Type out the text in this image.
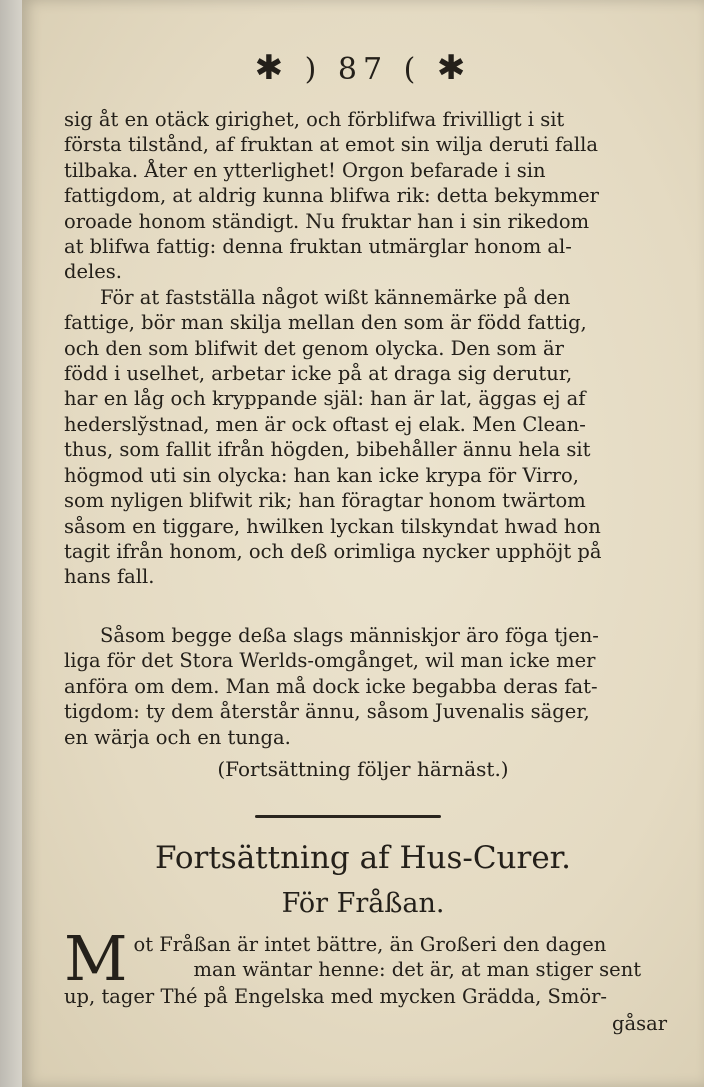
✱ ) 87 ( ✱
sig åt en otäck girighet, och förblifwa frivilligt i sit
första tilstånd, af fruktan at emot sin wilja deruti falla
tilbaka. Åter en ytterlighet! Orgon befarade i sin
fattigdom, at aldrig kunna blifwa rik: detta bekymmer
oroade honom ständigt. Nu fruktar han i sin rikedom
at blifwa fattig: denna fruktan utmärglar honom al-
deles.
För at fastställa något wißt kännemärke på den
fattige, bör man skilja mellan den som är född fattig,
och den som blifwit det genom olycka. Den som är
född i uselhet, arbetar icke på at draga sig derutur,
har en låg och kryppande själ: han är lat, äggas ej af
hedersly̆stnad, men är ock oftast ej elak. Men Clean-
thus, som fallit ifrån högden, bibehåller ännu hela sit
högmod uti sin olycka: han kan icke krypa för Virro,
som nyligen blifwit rik; han föragtar honom twärtom
såsom en tiggare, hwilken lyckan tilskyndat hwad hon
tagit ifrån honom, och deß orimliga nycker upphöjt på
hans fall.
Såsom begge deßa slags människjor äro föga tjen-
liga för det Stora Werlds-omgånget, wil man icke mer
anföra om dem. Man må dock icke begabba deras fat-
tigdom: ty dem återstår ännu, såsom Juvenalis säger,
en wärja och en tunga.
(Fortsättning följer härnäst.)
Fortsättning af Hus-Curer.
För Fråßan.
M ot Fråßan är intet bättre, än Großeri den dagen
man wäntar henne: det är, at man stiger sent
up, tager Thé på Engelska med mycken Grädda, Smör-
gåsar
